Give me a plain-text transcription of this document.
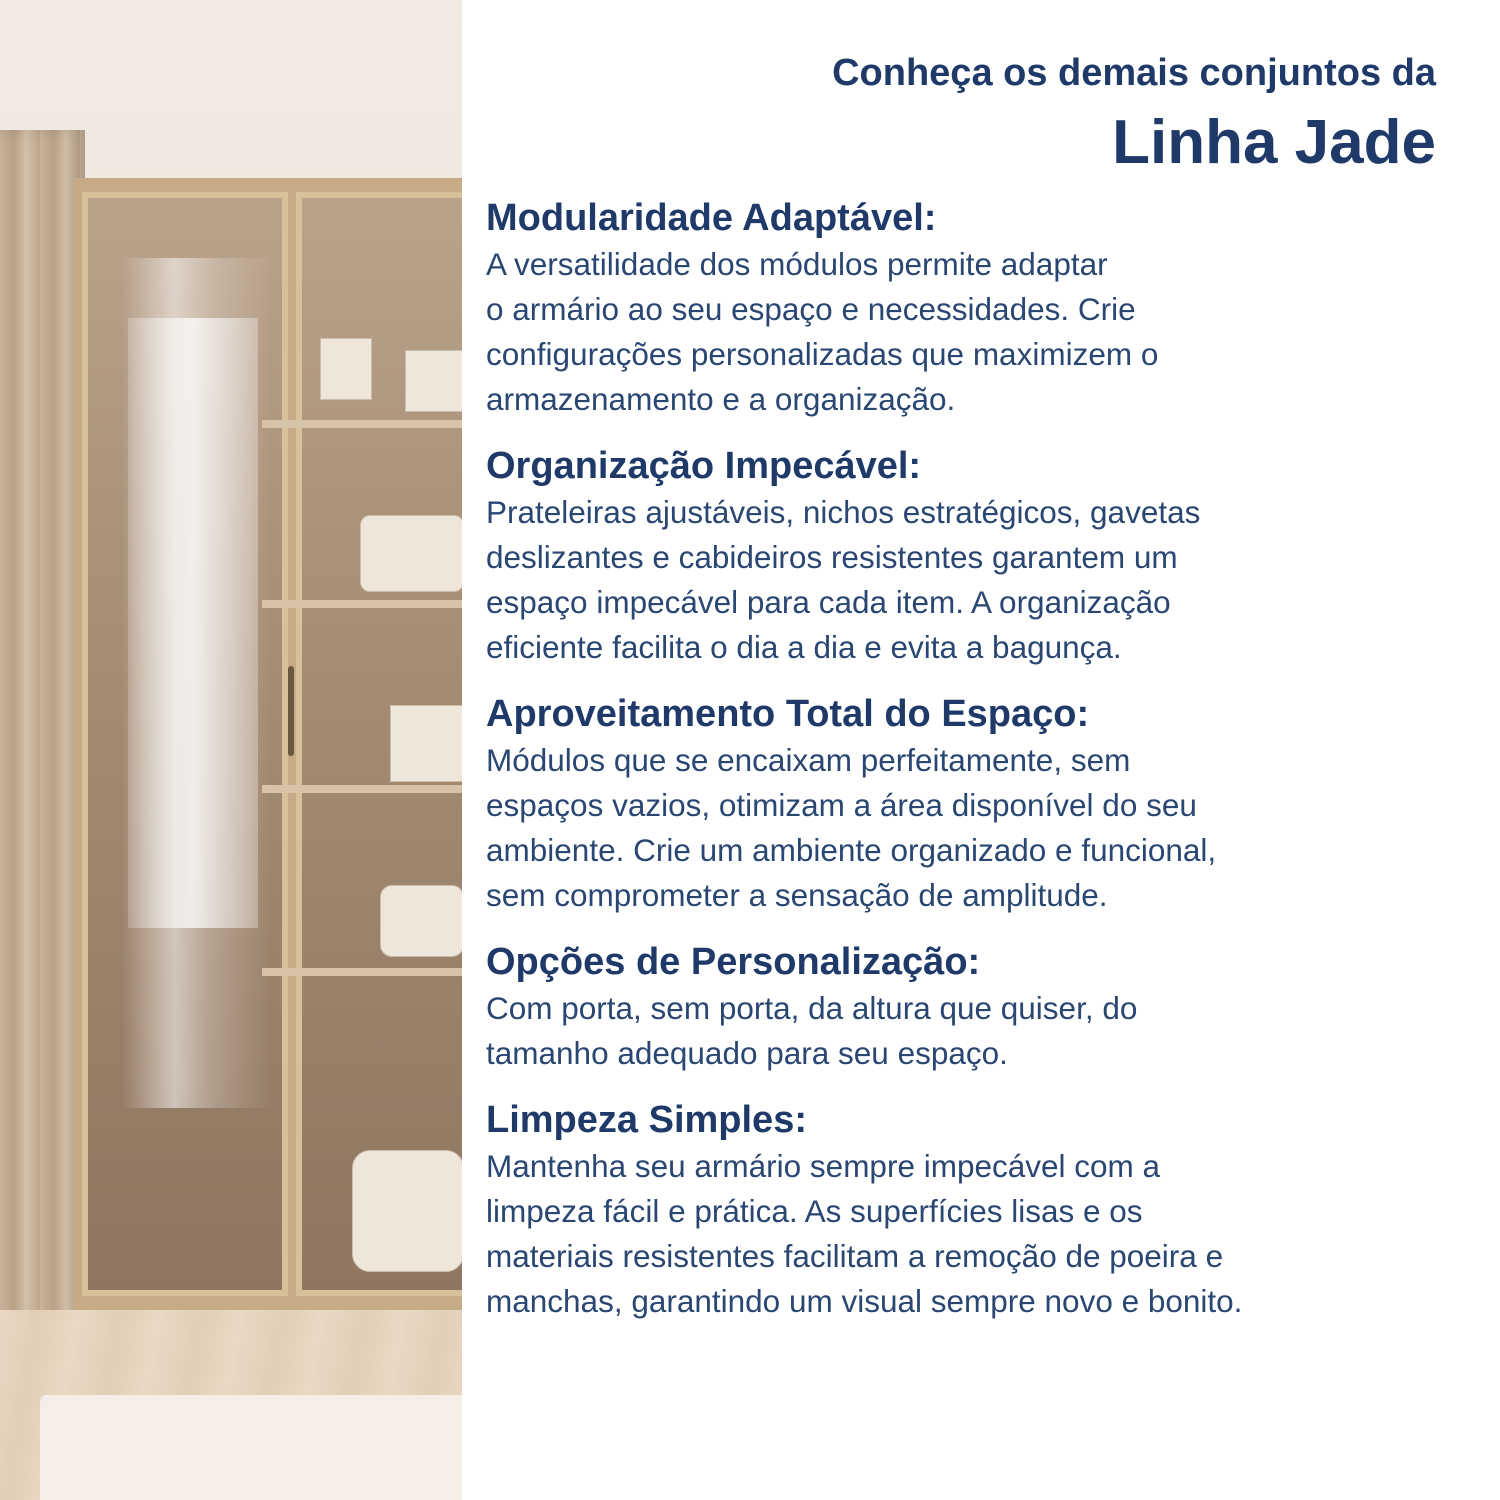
Conheça os demais conjuntos da
Linha Jade
Modularidade Adaptável:

A versatilidade dos módulos permite adaptar

o armário ao seu espaço e necessidades. Crie

configurações personalizadas que maximizem o

armazenamento e a organização.

Organização Impecável:

Prateleiras ajustáveis, nichos estratégicos, gavetas

deslizantes e cabideiros resistentes garantem um

espaço impecável para cada item. A organização

eficiente facilita o dia a dia e evita a bagunça.

Aproveitamento Total do Espaço:

Módulos que se encaixam perfeitamente, sem

espaços vazios, otimizam a área disponível do seu

ambiente. Crie um ambiente organizado e funcional,

sem comprometer a sensação de amplitude.

Opções de Personalização:

Com porta, sem porta, da altura que quiser, do

tamanho adequado para seu espaço.

Limpeza Simples:

Mantenha seu armário sempre impecável com a

limpeza fácil e prática. As superfícies lisas e os

materiais resistentes facilitam a remoção de poeira e

manchas, garantindo um visual sempre novo e bonito.
